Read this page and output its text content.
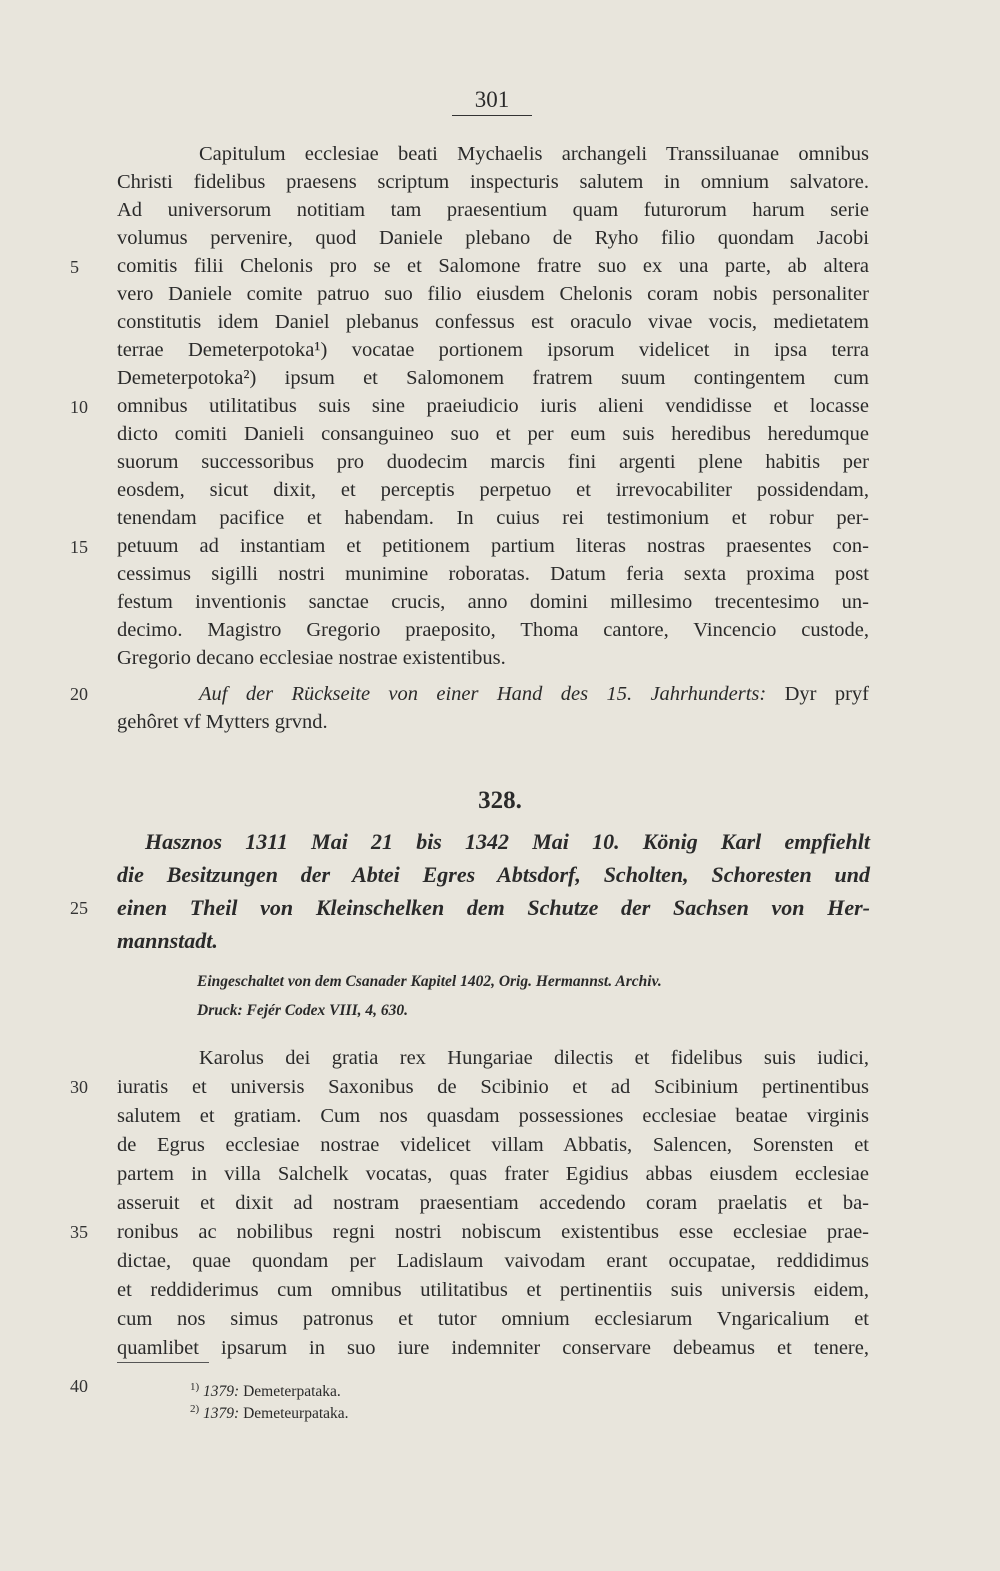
301
Capitulum ecclesiae beati Mychaelis archangeli Transsiluanae omnibus
Christi fidelibus praesens scriptum inspecturis salutem in omnium salvatore.
Ad universorum notitiam tam praesentium quam futurorum harum serie
volumus pervenire, quod Daniele plebano de Ryho filio quondam Jacobi
comitis filii Chelonis pro se et Salomone fratre suo ex una parte, ab altera
vero Daniele comite patruo suo filio eiusdem Chelonis coram nobis personaliter
constitutis idem Daniel plebanus confessus est oraculo vivae vocis, medietatem
terrae Demeterpotoka¹) vocatae portionem ipsorum videlicet in ipsa terra
Demeterpotoka²) ipsum et Salomonem fratrem suum contingentem cum
omnibus utilitatibus suis sine praeiudicio iuris alieni vendidisse et locasse
dicto comiti Danieli consanguineo suo et per eum suis heredibus heredumque
suorum successoribus pro duodecim marcis fini argenti plene habitis per
eosdem, sicut dixit, et perceptis perpetuo et irrevocabiliter possidendam,
tenendam pacifice et habendam. In cuius rei testimonium et robur per-
petuum ad instantiam et petitionem partium literas nostras praesentes con-
cessimus sigilli nostri munimine roboratas. Datum feria sexta proxima post
festum inventionis sanctae crucis, anno domini millesimo trecentesimo un-
decimo. Magistro Gregorio praeposito, Thoma cantore, Vincencio custode,
Gregorio decano ecclesiae nostrae existentibus.
Auf der Rückseite von einer Hand des 15. Jahrhunderts: Dyr pryf
gehôret vf Mytters grvnd.
328.
Hasznos 1311 Mai 21 bis 1342 Mai 10. König Karl empfiehlt
die Besitzungen der Abtei Egres Abtsdorf, Scholten, Schoresten und
einen Theil von Kleinschelken dem Schutze der Sachsen von Her-
mannstadt.
Eingeschaltet von dem Csanader Kapitel 1402, Orig. Hermannst. Archiv.
Druck: Fejér Codex VIII, 4, 630.
Karolus dei gratia rex Hungariae dilectis et fidelibus suis iudici,
iuratis et universis Saxonibus de Scibinio et ad Scibinium pertinentibus
salutem et gratiam. Cum nos quasdam possessiones ecclesiae beatae virginis
de Egrus ecclesiae nostrae videlicet villam Abbatis, Salencen, Sorensten et
partem in villa Salchelk vocatas, quas frater Egidius abbas eiusdem ecclesiae
asseruit et dixit ad nostram praesentiam accedendo coram praelatis et ba-
ronibus ac nobilibus regni nostri nobiscum existentibus esse ecclesiae prae-
dictae, quae quondam per Ladislaum vaivodam erant occupatae, reddidimus
et reddiderimus cum omnibus utilitatibus et pertinentiis suis universis eidem,
cum nos simus patronus et tutor omnium ecclesiarum Vngaricalium et
quamlibet ipsarum in suo iure indemniter conservare debeamus et tenere,
5
10
15
20
25
30
35
40	$^{1)}$ 1379: Demeterpataka.
$^{2)}$ 1379: Demeteurpataka.
